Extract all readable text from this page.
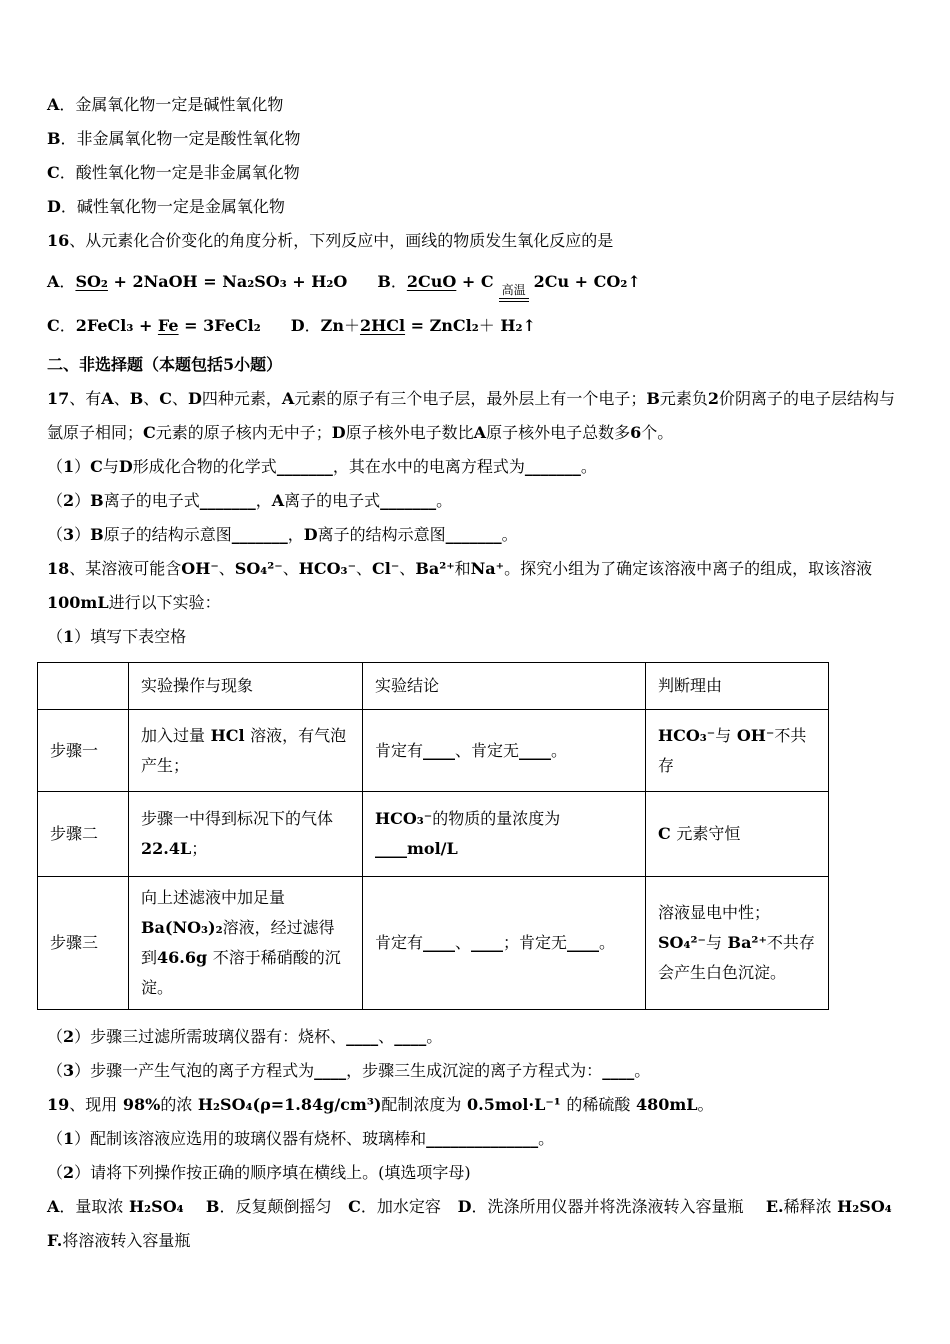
A．金属氧化物一定是碱性氧化物

B．非金属氧化物一定是酸性氧化物

C．酸性氧化物一定是非金属氧化物

D．碱性氧化物一定是金属氧化物

16、从元素化合价变化的角度分析，下列反应中，画线的物质发生氧化反应的是

A．SO₂ + 2NaOH = Na₂SO₃ + H₂O B．2CuO + C 高温 2Cu + CO₂↑

C．2FeCl₃ + Fe = 3FeCl₂ D．Zn＋2HCl = ZnCl₂＋ H₂↑

二、非选择题（本题包括5小题）

17、有A、B、C、D四种元素，A元素的原子有三个电子层，最外层上有一个电子；B元素负2价阴离子的电子层结构与氩原子相同；C元素的原子核内无中子；D原子核外电子数比A原子核外电子总数多6个。

（1）C与D形成化合物的化学式_______，其在水中的电离方程式为_______。

（2）B离子的电子式_______，A离子的电子式_______。

（3）B原子的结构示意图_______，D离子的结构示意图_______。

18、某溶液可能含OH⁻、SO₄²⁻、HCO₃⁻、Cl⁻、Ba²⁺和Na⁺。探究小组为了确定该溶液中离子的组成，取该溶液100mL进行以下实验：

（1）填写下表空格

	实验操作与现象	实验结论	判断理由
步骤一	加入过量 HCl 溶液，有气泡产生；	肯定有____、肯定无____。	HCO₃⁻与 OH⁻不共存
步骤二	步骤一中得到标况下的气体 22.4L；	HCO₃⁻的物质的量浓度为____mol/L	C 元素守恒
步骤三	向上述滤液中加足量Ba(NO₃)₂溶液，经过滤得到46.6g 不溶于稀硝酸的沉淀。	肯定有____、____；肯定无____。	溶液显电中性；SO₄²⁻与 Ba²⁺不共存会产生白色沉淀。

（2）步骤三过滤所需玻璃仪器有：烧杯、____、____。

（3）步骤一产生气泡的离子方程式为____，步骤三生成沉淀的离子方程式为：____。

19、现用 98%的浓 H₂SO₄(ρ=1.84g/cm³)配制浓度为 0.5mol·L⁻¹ 的稀硫酸 480mL。

（1）配制该溶液应选用的玻璃仪器有烧杯、玻璃棒和______________。

（2）请将下列操作按正确的顺序填在横线上。(填选项字母)

A．量取浓 H₂SO₄    B．反复颠倒摇匀   C．加水定容   D．洗涤所用仪器并将洗涤液转入容量瓶    E.稀释浓 H₂SO₄

F.将溶液转入容量瓶
